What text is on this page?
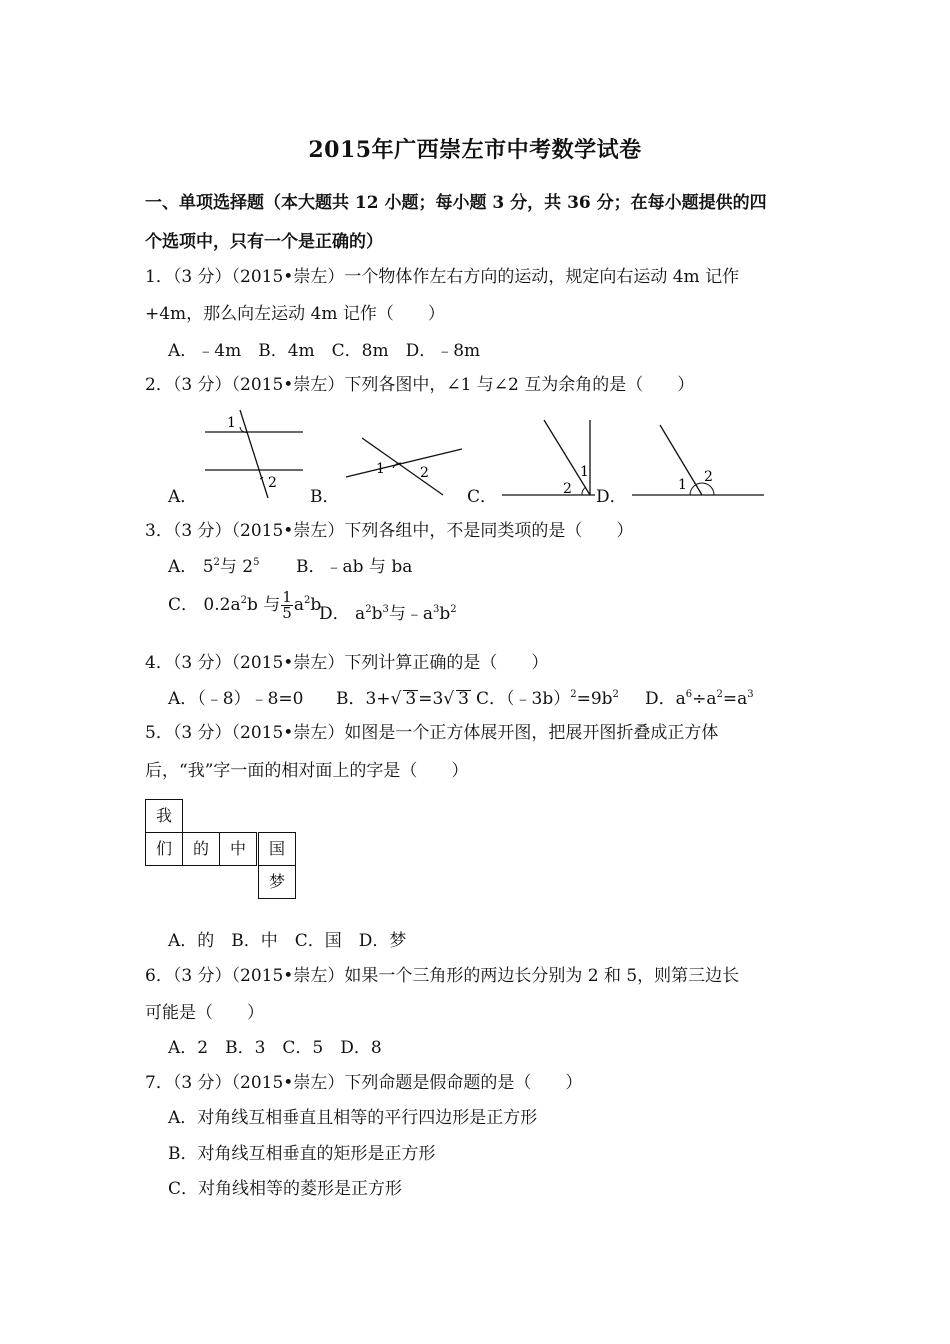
2015年广西崇左市中考数学试卷
一、单项选择题（本大题共 12 小题；每小题 3 分，共 36 分；在每小题提供的四
个选项中，只有一个是正确的）
1．（3 分）（2015•崇左）一个物体作左右方向的运动，规定向右运动 4m 记作
+4m，那么向左运动 4m 记作（　　）
A．﹣4m　B．4m　C．8m　D．﹣8m
2．（3 分）（2015•崇左）下列各图中，∠1 与∠2 互为余角的是（　　）
A．	B．	C．	D．
1
2
1	2	1
2	1 2
3．（3 分）（2015•崇左）下列各组中，不是同类项的是（　　）
A． $5^2$与 $2^5$ B．﹣ab 与 ba
C． $0.2a^2b$ 与 $\frac{1}{5} a^2b$
D． $a^2b^3$与$﹣a^3b^2$
4．（3 分）（2015•崇左）下列计算正确的是（　　）
A．（﹣8）﹣8=0 B．3+√ 3 =3√ 3 C．$(﹣3b)^2=9b^2$ D．$a^6\div a^2=a^3$
5．（3 分）（2015•崇左）如图是一个正方体展开图，把展开图折叠成正方体
后，“我”字一面的相对面上的字是（　　）
我
们	的	中	国
梦
A．的　B．中　C．国　D．梦
6．（3 分）（2015•崇左）如果一个三角形的两边长分别为 2 和 5，则第三边长
可能是（　　）
A．2　B．3　C．5　D．8
7．（3 分）（2015•崇左）下列命题是假命题的是（　　）
A．对角线互相垂直且相等的平行四边形是正方形
B．对角线互相垂直的矩形是正方形
C．对角线相等的菱形是正方形
